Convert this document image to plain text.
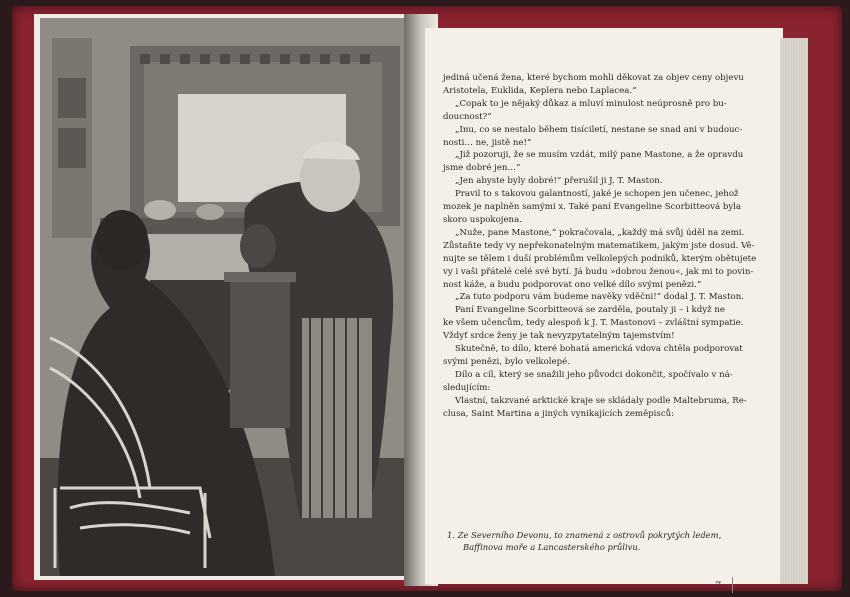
jediná učená žena, které bychom mohli děkovat za objev ceny objevu
Aristotela, Euklida, Keplera nebo Laplacea.“
„Copak to je nějaký důkaz a mluví minulost neúprosně pro bu-
doucnost?“
„Inu, co se nestalo během tisíciletí, nestane se snad ani v budouc-
nosti… ne, jistě ne!“
„Již pozoruji, že se musím vzdát, milý pane Mastone, a že opravdu
jsme dobré jen…“
„Jen abyste byly dobré!“ přerušil ji J. T. Maston.
Pravil to s takovou galantností, jaké je schopen jen učenec, jehož
mozek je naplněn samými x. Také paní Evangeline Scorbitteová byla
skoro uspokojena.
„Nuže, pane Mastone,“ pokračovala, „každý má svůj úděl na zemi.
Zůstaňte tedy vy nepřekonatelným matematikem, jakým jste dosud. Vě-
nujte se tělem i duší problémům velkolepých podniků, kterým obětujete
vy i vaši přátelé celé své bytí. Já budu »dobrou ženou«, jak mi to povin-
nost káže, a budu podporovat ono velké dílo svými penězi.“
„Za tuto podporu vám budeme navěky vděčni!“ dodal J. T. Maston.
Paní Evangeline Scorbitteová se zarděla, poutaly ji – i když ne
ke všem učencům, tedy alespoň k J. T. Mastonovi – zvláštní sympatie.
Vždyť srdce ženy je tak nevyzpytatelným tajemstvím!
Skutečně, to dílo, které bohatá americká vdova chtěla podporovat
svými penězi, bylo velkolepé.
Dílo a cíl, který se snažili jeho původci dokončit, spočívalo v ná-
sledujícím:
Vlastní, takzvané arktické kraje se skládaly podle Maltebruma, Re-
clusa, Saint Martina a jiných vynikajících zeměpisců:
1. Ze Severního Devonu, to znamená z ostrovů pokrytých ledem,
Baffinova moře a Lancasterského průlivu.
7
